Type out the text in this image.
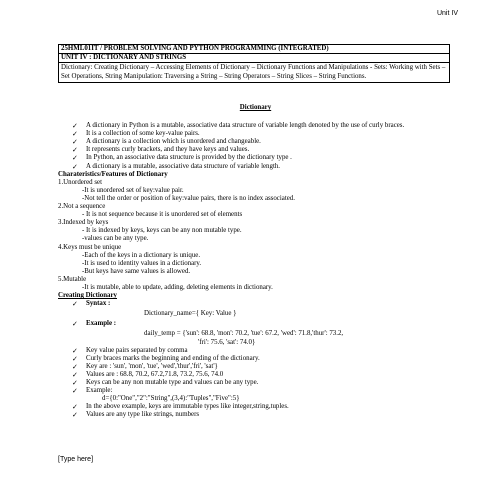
Unit IV
25HML01IT / PROBLEM SOLVING AND PYTHON PROGRAMMING (INTEGRATED)
UNIT IV : DICTIONARY AND STRINGS
Dictionary: Creating Dictionary – Accessing Elements of Dictionary – Dictionary Functions and Manipulations - Sets: Working with Sets – Set Operations, String Manipulation: Traversing a String – String Operators – String Slices – String Functions.
Dictionary
✓ A dictionary in Python is a mutable, associative data structure of variable length denoted by the use of curly braces.
✓ It is a collection of some key-value pairs.
✓ A dictionary is a collection which is unordered and changeable.
✓ It represents curly brackets, and they have keys and values.
✓ In Python, an associative data structure is provided by the dictionary type .
✓ A dictionary is a mutable, associative data structure of variable length.
Charateristics/Features of Dictionary
1.Unordered set
-It is unordered set of key:value pair.
-Not tell the order or position of key:value pairs, there is no index associated.
2.Not a sequence
- It is not sequence because it is unordered set of elements
3.Indexed by keys
- It is indexed by keys, keys can be any non mutable type.
-values can be any type.
4.Keys must be unique
-Each of the keys in a dictionary is unique.
-It is used to identity values in a dictionary.
-But keys have same values is allowed.
5.Mutable
-It is mutable, able to update, adding, deleting elements in dictionary.
Creating Dictionary
✓ Syntax :
Dictionary_name={ Key: Value }
✓ Example :
daily_temp = {'sun': 68.8, 'mon': 70.2, 'tue': 67.2, 'wed': 71.8,'thur': 73.2,
'fri': 75.6, 'sat': 74.0}
✓ Key value pairs separated by comma
✓ Curly braces marks the beginning and ending of the dictionary.
✓ Key are : 'sun', 'mon', 'tue', 'wed','thur','fri', 'sat'}
✓ Values are : 68.8, 70.2, 67.2,71.8, 73.2, 75.6, 74.0
✓ Keys can be any non mutable type and values can be any type.
✓ Example:
d={0:"One","2":"String",(3,4):"Tuples","Five":5}
✓ In the above example, keys are immutable types like integer,string,tuples.
✓ Values are any type like strings, numbers
[Type here]
